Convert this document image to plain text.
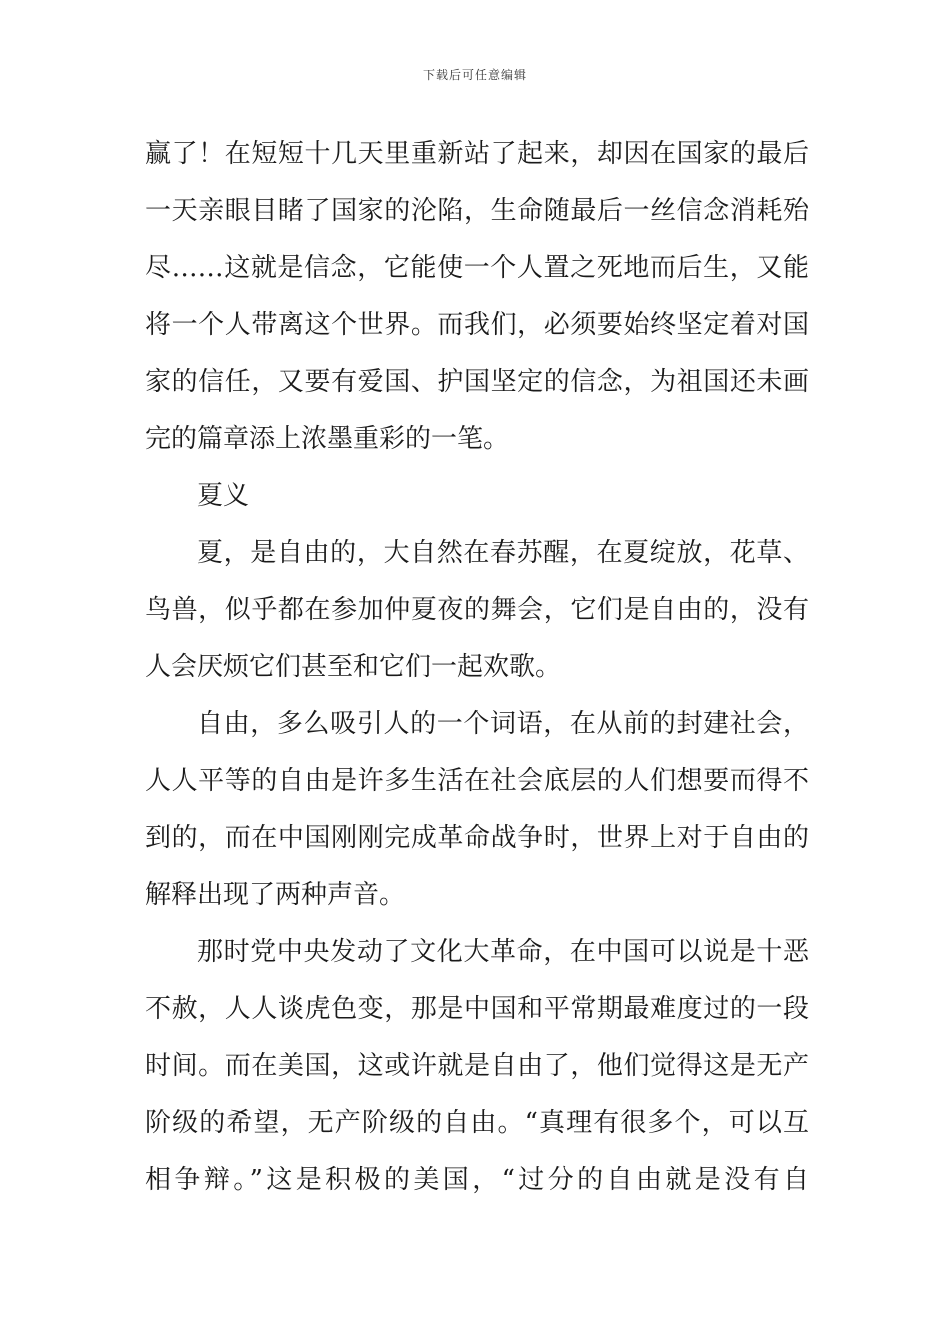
下载后可任意编辑
赢了！在短短十几天里重新站了起来，却因在国家的最后
一天亲眼目睹了国家的沦陷，生命随最后一丝信念消耗殆
尽……这就是信念，它能使一个人置之死地而后生，又能
将一个人带离这个世界。而我们，必须要始终坚定着对国
家的信任，又要有爱国、护国坚定的信念，为祖国还未画
完的篇章添上浓墨重彩的一笔。
夏义
夏，是自由的，大自然在春苏醒，在夏绽放，花草、
鸟兽，似乎都在参加仲夏夜的舞会，它们是自由的，没有
人会厌烦它们甚至和它们一起欢歌。
自由，多么吸引人的一个词语，在从前的封建社会，
人人平等的自由是许多生活在社会底层的人们想要而得不
到的，而在中国刚刚完成革命战争时，世界上对于自由的
解释出现了两种声音。
那时党中央发动了文化大革命，在中国可以说是十恶
不赦，人人谈虎色变，那是中国和平常期最难度过的一段
时间。而在美国，这或许就是自由了，他们觉得这是无产
阶级的希望，无产阶级的自由。“真理有很多个，可以互
相争辩。”这是积极的美国，“过分的自由就是没有自
